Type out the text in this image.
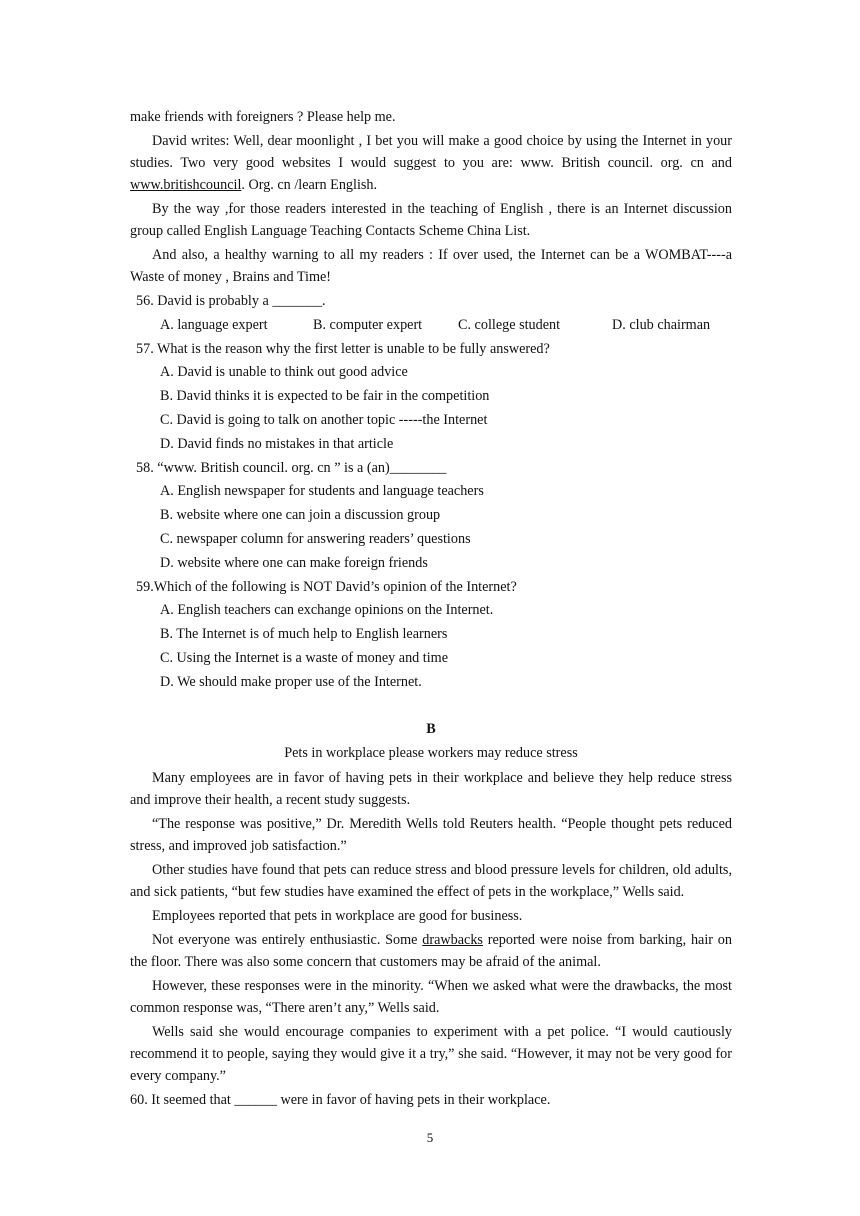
make friends with foreigners ? Please help me.

David writes: Well, dear moonlight , I bet you will make a good choice by using the Internet in your studies. Two very good websites I would suggest to you are: www. British council. org. cn and www.britishcouncil. Org. cn /learn English.

By the way ,for those readers interested in the teaching of English , there is an Internet discussion group called English Language Teaching Contacts Scheme China List.

And also, a healthy warning to all my readers : If over used, the Internet can be a WOMBAT----a Waste of money , Brains and Time!

56. David is probably a _______.

A. language expert	B. computer expert	C. college student	D. club chairman

57. What is the reason why the first letter is unable to be fully answered?

A. David is unable to think out good advice

B. David thinks it is expected to be fair in the competition

C. David is going to talk on another topic -----the Internet

D. David finds no mistakes in that article

58. “www. British council. org. cn ” is a (an)________

A. English newspaper for students and language teachers

B. website where one can join a discussion group

C. newspaper column for answering readers’ questions

D. website where one can make foreign friends

59.Which of the following is NOT David’s opinion of the Internet?

A. English teachers can exchange opinions on the Internet.

B. The Internet is of much help to English learners

C. Using the Internet is a waste of money and time

D. We should make proper use of the Internet.

B

Pets in workplace please workers may reduce stress

Many employees are in favor of having pets in their workplace and believe they help reduce stress and improve their health, a recent study suggests.

“The response was positive,” Dr. Meredith Wells told Reuters health. “People thought pets reduced stress, and improved job satisfaction.”

Other studies have found that pets can reduce stress and blood pressure levels for children, old adults, and sick patients, “but few studies have examined the effect of pets in the workplace,” Wells said.

Employees reported that pets in workplace are good for business.

Not everyone was entirely enthusiastic. Some drawbacks reported were noise from barking, hair on the floor. There was also some concern that customers may be afraid of the animal.

However, these responses were in the minority. “When we asked what were the drawbacks, the most common response was, “There aren’t any,” Wells said.

Wells said she would encourage companies to experiment with a pet police. “I would cautiously recommend it to people, saying they would give it a try,” she said. “However, it may not be very good for every company.”

60. It seemed that ______ were in favor of having pets in their workplace.

5
